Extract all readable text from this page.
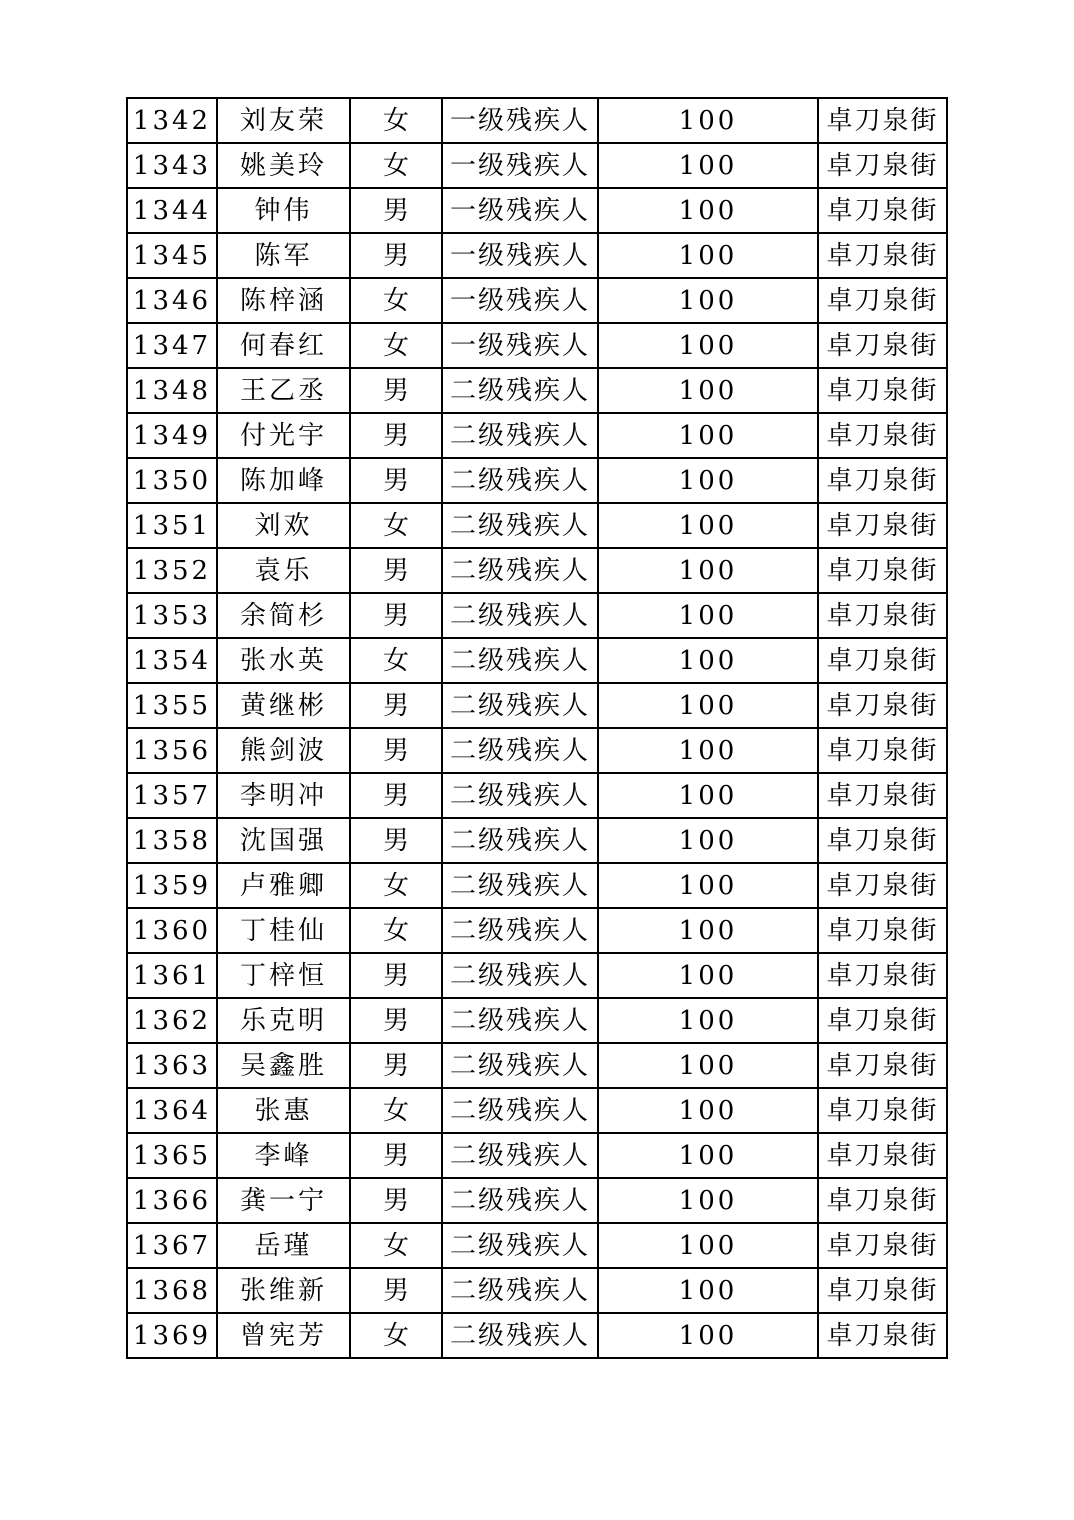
1342	刘友荣	女	一级残疾人	100	卓刀泉街
1343	姚美玲	女	一级残疾人	100	卓刀泉街
1344	钟伟	男	一级残疾人	100	卓刀泉街
1345	陈军	男	一级残疾人	100	卓刀泉街
1346	陈梓涵	女	一级残疾人	100	卓刀泉街
1347	何春红	女	一级残疾人	100	卓刀泉街
1348	王乙丞	男	二级残疾人	100	卓刀泉街
1349	付光宇	男	二级残疾人	100	卓刀泉街
1350	陈加峰	男	二级残疾人	100	卓刀泉街
1351	刘欢	女	二级残疾人	100	卓刀泉街
1352	袁乐	男	二级残疾人	100	卓刀泉街
1353	余简杉	男	二级残疾人	100	卓刀泉街
1354	张水英	女	二级残疾人	100	卓刀泉街
1355	黄继彬	男	二级残疾人	100	卓刀泉街
1356	熊剑波	男	二级残疾人	100	卓刀泉街
1357	李明冲	男	二级残疾人	100	卓刀泉街
1358	沈国强	男	二级残疾人	100	卓刀泉街
1359	卢雅卿	女	二级残疾人	100	卓刀泉街
1360	丁桂仙	女	二级残疾人	100	卓刀泉街
1361	丁梓恒	男	二级残疾人	100	卓刀泉街
1362	乐克明	男	二级残疾人	100	卓刀泉街
1363	吴鑫胜	男	二级残疾人	100	卓刀泉街
1364	张惠	女	二级残疾人	100	卓刀泉街
1365	李峰	男	二级残疾人	100	卓刀泉街
1366	龚一宁	男	二级残疾人	100	卓刀泉街
1367	岳瑾	女	二级残疾人	100	卓刀泉街
1368	张维新	男	二级残疾人	100	卓刀泉街
1369	曾宪芳	女	二级残疾人	100	卓刀泉街
